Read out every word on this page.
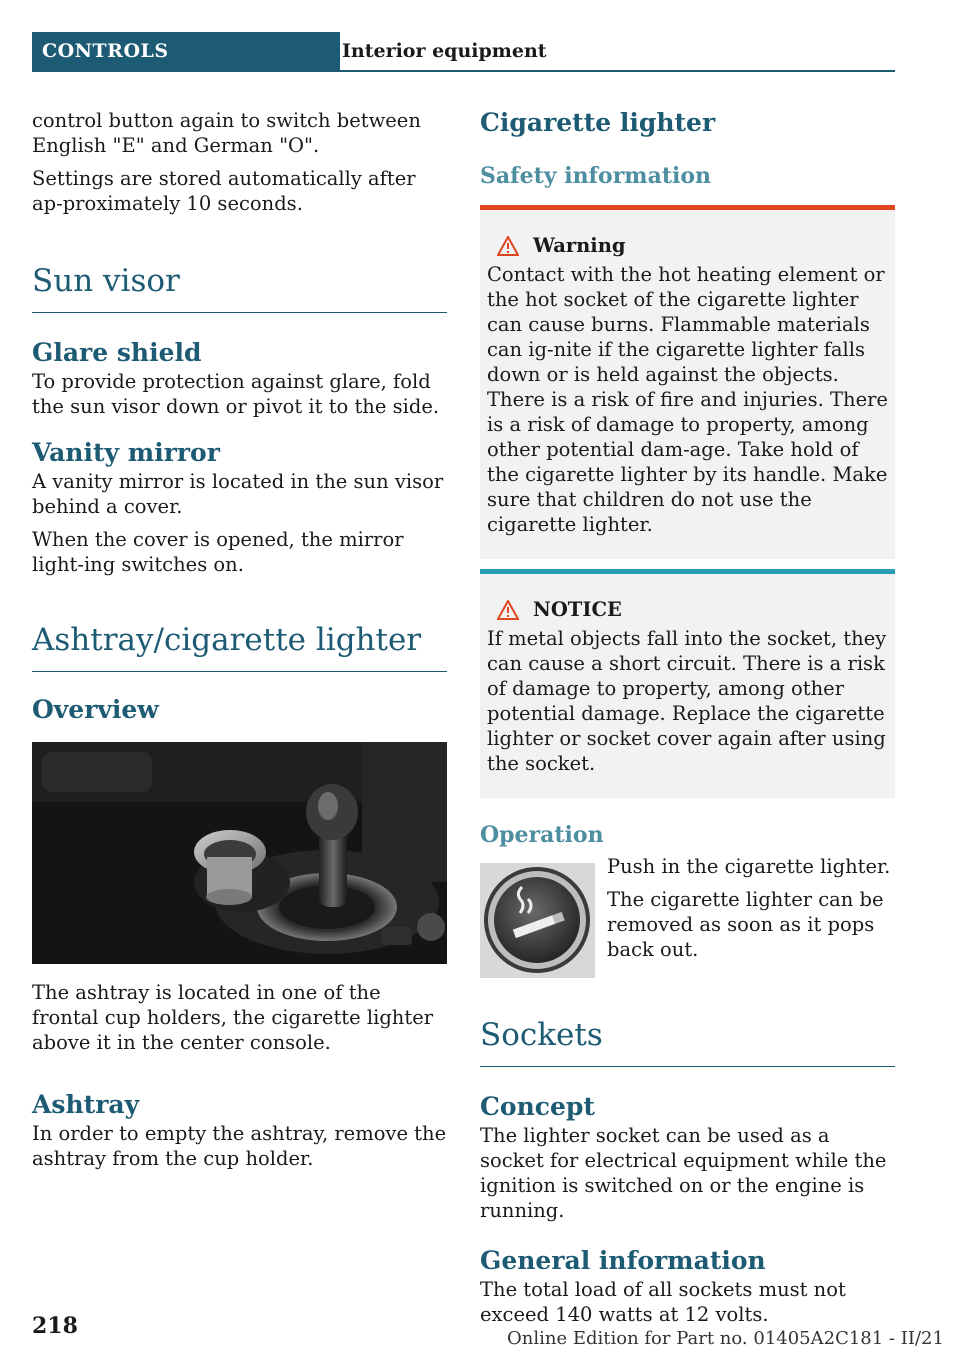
CONTROLS	Interior equipment

control button again to switch between English "E" and German "O".

Settings are stored automatically after ap-proximately 10 seconds.

Sun visor
Glare shield

To provide protection against glare, fold the sun visor down or pivot it to the side.

Vanity mirror

A vanity mirror is located in the sun visor behind a cover.

When the cover is opened, the mirror light-ing switches on.

Ashtray/cigarette lighter
Overview

The ashtray is located in one of the frontal cup holders, the cigarette lighter above it in the center console.

Ashtray

In order to empty the ashtray, remove the ashtray from the cup holder.

Cigarette lighter
Safety information
Warning

Contact with the hot heating element or the hot socket of the cigarette lighter can cause burns. Flammable materials can ig-nite if the cigarette lighter falls down or is held against the objects. There is a risk of fire and injuries. There is a risk of damage to property, among other potential dam-age. Take hold of the cigarette lighter by its handle. Make sure that children do not use the cigarette lighter.

NOTICE

If metal objects fall into the socket, they can cause a short circuit. There is a risk of damage to property, among other potential damage. Replace the cigarette lighter or socket cover again after using the socket.

Operation

Push in the cigarette lighter.

The cigarette lighter can be removed as soon as it pops back out.

Sockets
Concept

The lighter socket can be used as a socket for electrical equipment while the ignition is switched on or the engine is running.

General information

The total load of all sockets must not exceed 140 watts at 12 volts.

218	Online Edition for Part no. 01405A2C181 - II/21
